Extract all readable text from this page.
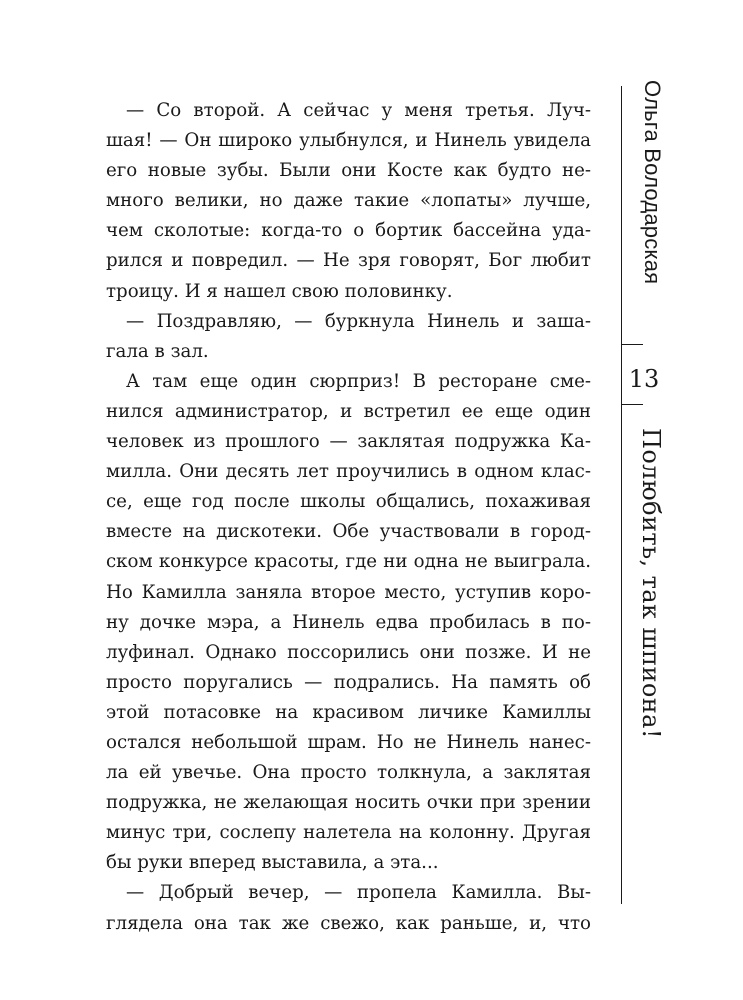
— Со второй. А сейчас у меня третья. Луч-
шая! — Он широко улыбнулся, и Нинель увидела
его новые зубы. Были они Косте как будто не-
много велики, но даже такие «лопаты» лучше,
чем сколотые: когда-то о бортик бассейна уда-
рился и повредил. — Не зря говорят, Бог любит
троицу. И я нашел свою половинку.
— Поздравляю, — буркнула Нинель и заша-
гала в зал.
А там еще один сюрприз! В ресторане сме-
нился администратор, и встретил ее еще один
человек из прошлого — заклятая подружка Ка-
милла. Они десять лет проучились в одном клас-
се, еще год после школы общались, похаживая
вместе на дискотеки. Обе участвовали в город-
ском конкурсе красоты, где ни одна не выиграла.
Но Камилла заняла второе место, уступив коро-
ну дочке мэра, а Нинель едва пробилась в по-
луфинал. Однако поссорились они позже. И не
просто поругались — подрались. На память об
этой потасовке на красивом личике Камиллы
остался небольшой шрам. Но не Нинель нанес-
ла ей увечье. Она просто толкнула, а заклятая
подружка, не желающая носить очки при зрении
минус три, сослепу налетела на колонну. Другая
бы руки вперед выставила, а эта...
— Добрый вечер, — пропела Камилла. Вы-
глядела она так же свежо, как раньше, и, что
Ольга Володарская
13
Полюбить, так шпиона!
